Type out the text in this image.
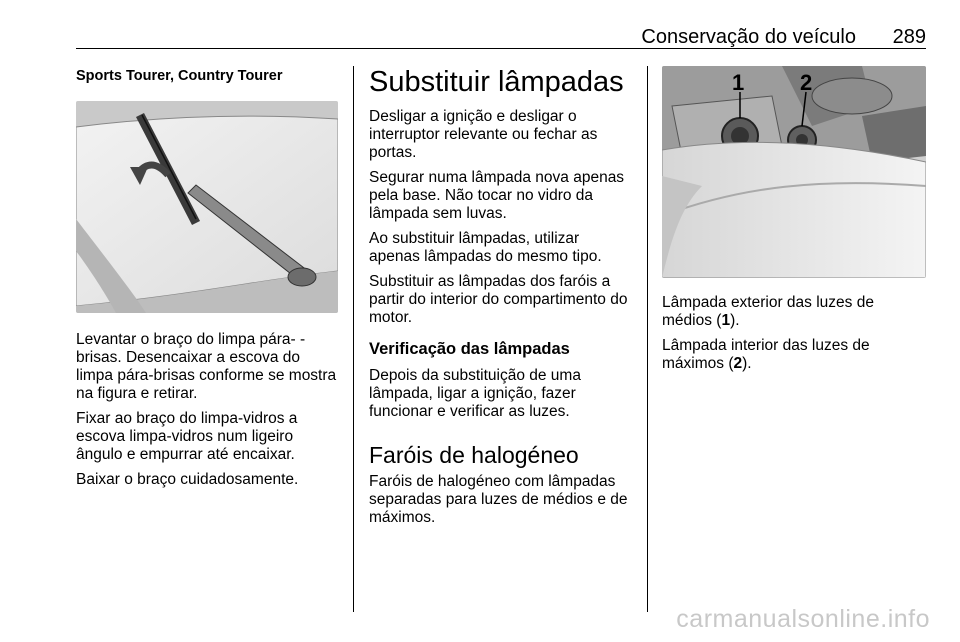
Conservação do veículo 289
Sports Tourer, Country Tourer

Levantar o braço do limpa pára- -brisas. Desencaixar a escova do limpa pára-brisas conforme se mostra na figura e retirar.

Fixar ao braço do limpa-vidros a escova limpa-vidros num ligeiro ângulo e empurrar até encaixar.

Baixar o braço cuidadosamente.

Substituir lâmpadas

Desligar a ignição e desligar o interruptor relevante ou fechar as portas.

Segurar numa lâmpada nova apenas pela base. Não tocar no vidro da lâmpada sem luvas.

Ao substituir lâmpadas, utilizar apenas lâmpadas do mesmo tipo.

Substituir as lâmpadas dos faróis a partir do interior do compartimento do motor.

Verificação das lâmpadas

Depois da substituição de uma lâmpada, ligar a ignição, fazer funcionar e verificar as luzes.

Faróis de halogéneo

Faróis de halogéneo com lâmpadas separadas para luzes de médios e de máximos.

1	2

Lâmpada exterior das luzes de médios (1).

Lâmpada interior das luzes de máximos (2).

carmanualsonline.info
